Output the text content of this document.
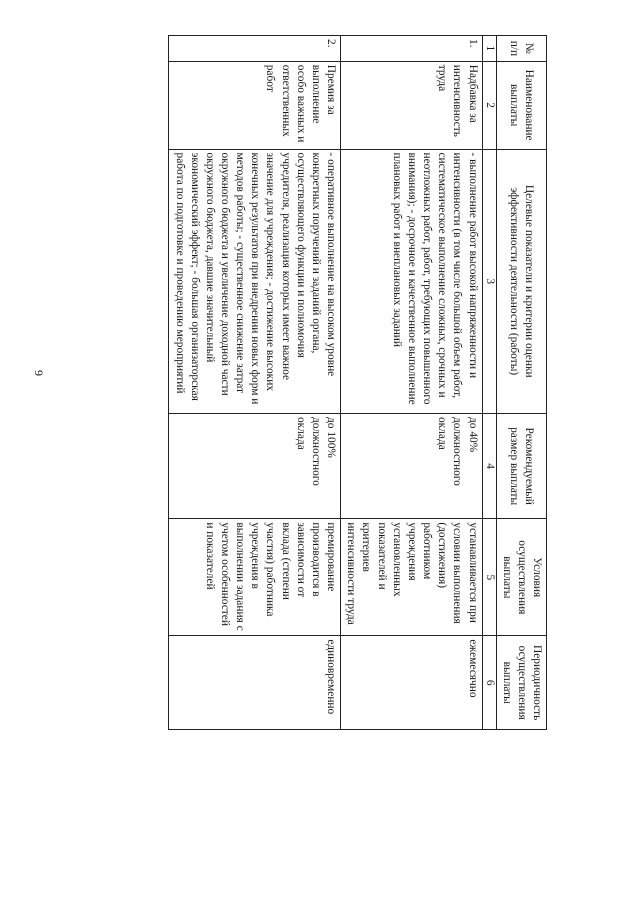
9
№ п/п	Наименование выплаты	Целевые показатели и критерии оценки эффективности деятельности (работы)	Рекомендуемый размер выплаты	Условия осуществления выплаты	Периодичность осуществления выплаты
1	2	3	4	5	6
1.	Надбавка за интенсивность труда	- выполнение работ высокой напряженности и интенсивности (в том числе большой объем работ, систематическое выполнение сложных, срочных и неотложных работ, работ, требующих повышенного внимания); - досрочное и качественное выполнение плановых работ и внеплановых заданий	до 40% должностного оклада	устанавливается при условии выполнения (достижения) работником учреждения установленных показателей и критериев интенсивности труда	ежемесячно
2.	Премия за выполнение особо важных и ответственных работ	- оперативное выполнение на высоком уровне конкретных поручений и заданий органа, осуществляющего функции и полномочия учредителя, реализация которых имеет важное значение для учреждения; - достижение высоких конечных результатов при внедрении новых форм и методов работы; - существенное снижение затрат окружного бюджета и увеличение доходной части окружного бюджета, давшие значительный экономический эффект; - большая организаторская работа по подготовке и проведению мероприятий	до 100% должностного оклада	премирование производится в зависимости от вклада (степени участия) работника учреждения в выполнении задания с учетом особенностей и показателей	единовременно
